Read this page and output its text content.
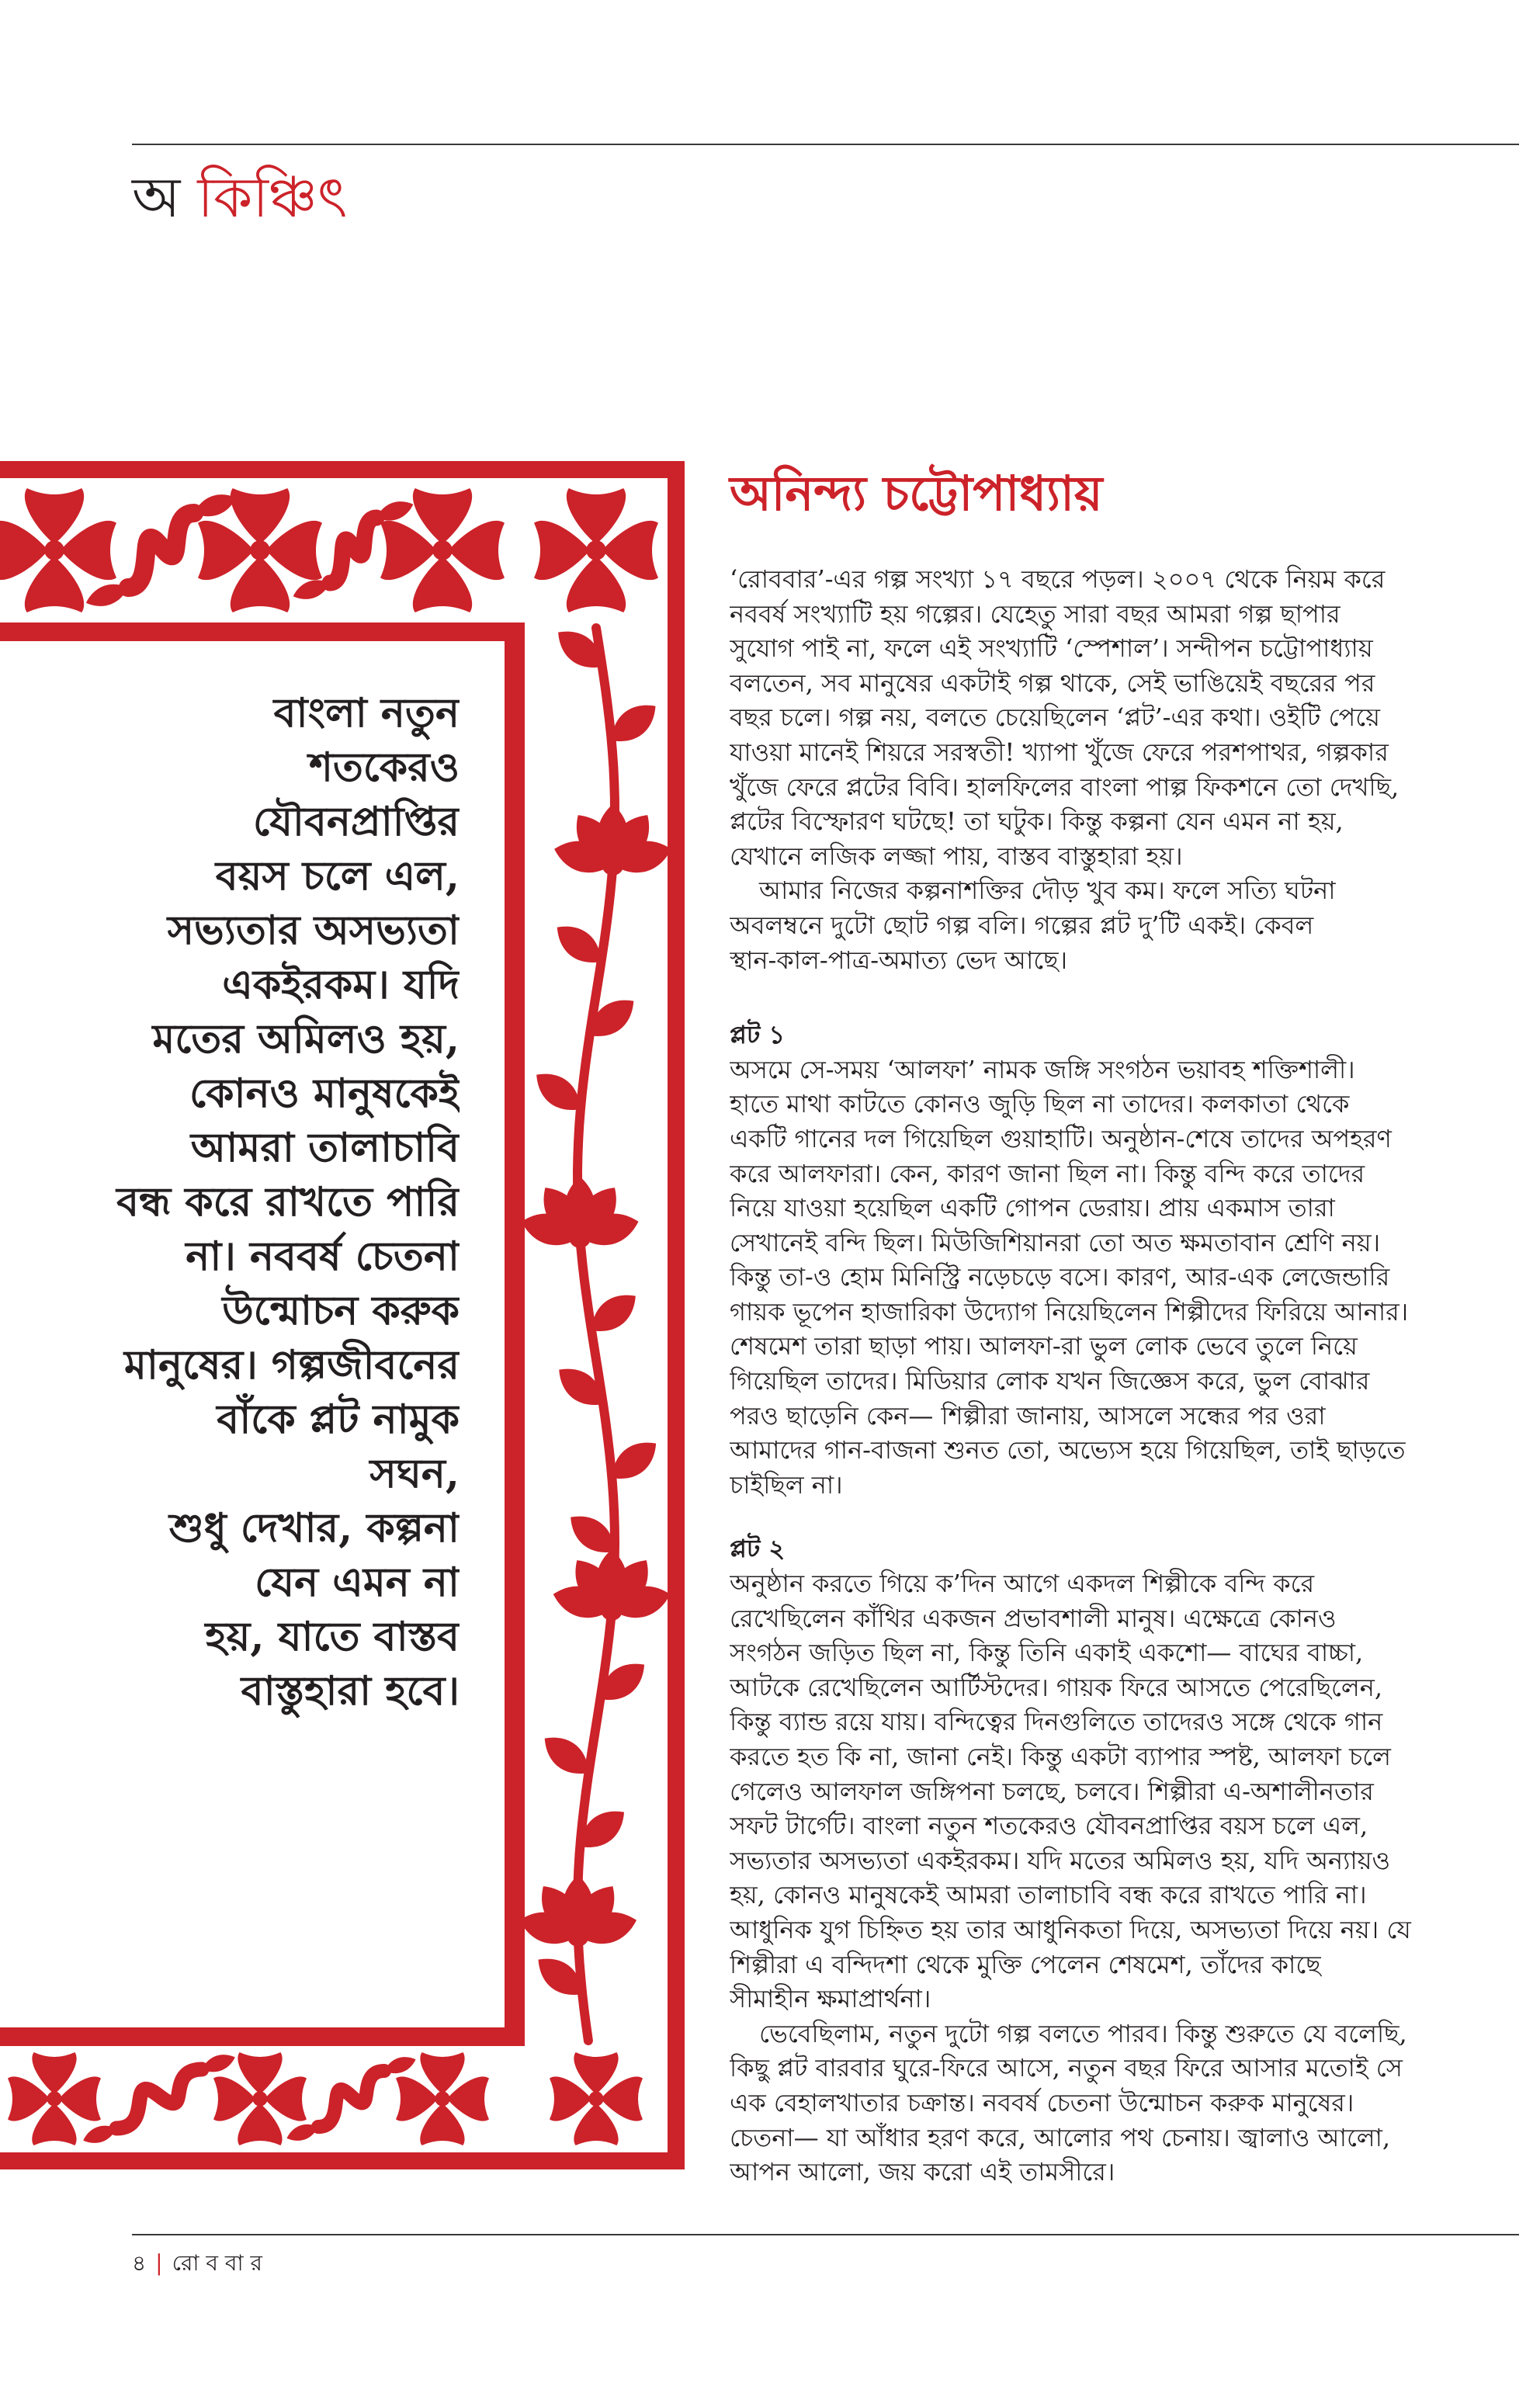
অ কিঞ্চিৎ
বাংলা নতুন
শতকেরও
যৌবনপ্রাপ্তির
বয়স চলে এল,
সভ্যতার অসভ্যতা
একইরকম। যদি
মতের অমিলও হয়,
কোনও মানুষকেই
আমরা তালাচাবি
বন্ধ করে রাখতে পারি
না। নববর্ষ চেতনা
উন্মোচন করুক
মানুষের। গল্পজীবনের
বাঁকে প্লট নামুক
সঘন,
শুধু দেখার, কল্পনা
যেন এমন না
হয়, যাতে বাস্তব
বাস্তুহারা হবে।
অনিন্দ্য চট্টোপাধ্যায়
‘রোববার’-এর গল্প সংখ্যা ১৭ বছরে পড়ল। ২০০৭ থেকে নিয়ম করে
নববর্ষ সংখ্যাটি হয় গল্পের। যেহেতু সারা বছর আমরা গল্প ছাপার
সুযোগ পাই না, ফলে এই সংখ্যাটি ‘স্পেশাল’। সন্দীপন চট্টোপাধ্যায়
বলতেন, সব মানুষের একটাই গল্প থাকে, সেই ভাঙিয়েই বছরের পর
বছর চলে। গল্প নয়, বলতে চেয়েছিলেন ‘প্লট’-এর কথা। ওইটি পেয়ে
যাওয়া মানেই শিয়রে সরস্বতী! খ্যাপা খুঁজে ফেরে পরশপাথর, গল্পকার
খুঁজে ফেরে প্লটের বিবি। হালফিলের বাংলা পাল্প ফিকশনে তো দেখছি,
প্লটের বিস্ফোরণ ঘটছে! তা ঘটুক। কিন্তু কল্পনা যেন এমন না হয়,
যেখানে লজিক লজ্জা পায়, বাস্তব বাস্তুহারা হয়।
আমার নিজের কল্পনাশক্তির দৌড় খুব কম। ফলে সত্যি ঘটনা
অবলম্বনে দুটো ছোট গল্প বলি। গল্পের প্লট দু’টি একই। কেবল
স্থান-কাল-পাত্র-অমাত্য ভেদ আছে।
প্লট ১
অসমে সে-সময় ‘আলফা’ নামক জঙ্গি সংগঠন ভয়াবহ শক্তিশালী।
হাতে মাথা কাটতে কোনও জুড়ি ছিল না তাদের। কলকাতা থেকে
একটি গানের দল গিয়েছিল গুয়াহাটি। অনুষ্ঠান-শেষে তাদের অপহরণ
করে আলফারা। কেন, কারণ জানা ছিল না। কিন্তু বন্দি করে তাদের
নিয়ে যাওয়া হয়েছিল একটি গোপন ডেরায়। প্রায় একমাস তারা
সেখানেই বন্দি ছিল। মিউজিশিয়ানরা তো অত ক্ষমতাবান শ্রেণি নয়।
কিন্তু তা-ও হোম মিনিস্ট্রি নড়েচড়ে বসে। কারণ, আর-এক লেজেন্ডারি
গায়ক ভূপেন হাজারিকা উদ্যোগ নিয়েছিলেন শিল্পীদের ফিরিয়ে আনার।
শেষমেশ তারা ছাড়া পায়। আলফা-রা ভুল লোক ভেবে তুলে নিয়ে
গিয়েছিল তাদের। মিডিয়ার লোক যখন জিজ্ঞেস করে, ভুল বোঝার
পরও ছাড়েনি কেন— শিল্পীরা জানায়, আসলে সন্ধের পর ওরা
আমাদের গান-বাজনা শুনত তো, অভ্যেস হয়ে গিয়েছিল, তাই ছাড়তে
চাইছিল না।
প্লট ২
অনুষ্ঠান করতে গিয়ে ক’দিন আগে একদল শিল্পীকে বন্দি করে
রেখেছিলেন কাঁথির একজন প্রভাবশালী মানুষ। এক্ষেত্রে কোনও
সংগঠন জড়িত ছিল না, কিন্তু তিনি একাই একশো— বাঘের বাচ্চা,
আটকে রেখেছিলেন আর্টিস্টদের। গায়ক ফিরে আসতে পেরেছিলেন,
কিন্তু ব্যান্ড রয়ে যায়। বন্দিত্বের দিনগুলিতে তাদেরও সঙ্গে থেকে গান
করতে হত কি না, জানা নেই। কিন্তু একটা ব্যাপার স্পষ্ট, আলফা চলে
গেলেও আলফাল জঙ্গিপনা চলছে, চলবে। শিল্পীরা এ-অশালীনতার
সফট টার্গেট। বাংলা নতুন শতকেরও যৌবনপ্রাপ্তির বয়স চলে এল,
সভ্যতার অসভ্যতা একইরকম। যদি মতের অমিলও হয়, যদি অন্যায়ও
হয়, কোনও মানুষকেই আমরা তালাচাবি বন্ধ করে রাখতে পারি না।
আধুনিক যুগ চিহ্নিত হয় তার আধুনিকতা দিয়ে, অসভ্যতা দিয়ে নয়। যে
শিল্পীরা এ বন্দিদশা থেকে মুক্তি পেলেন শেষমেশ, তাঁদের কাছে
সীমাহীন ক্ষমাপ্রার্থনা।
ভেবেছিলাম, নতুন দুটো গল্প বলতে পারব। কিন্তু শুরুতে যে বলেছি,
কিছু প্লট বারবার ঘুরে-ফিরে আসে, নতুন বছর ফিরে আসার মতোই সে
এক বেহালখাতার চক্রান্ত। নববর্ষ চেতনা উন্মোচন করুক মানুষের।
চেতনা— যা আঁধার হরণ করে, আলোর পথ চেনায়। জ্বালাও আলো,
আপন আলো, জয় করো এই তামসীরে।
৪ | রো ব বা র
